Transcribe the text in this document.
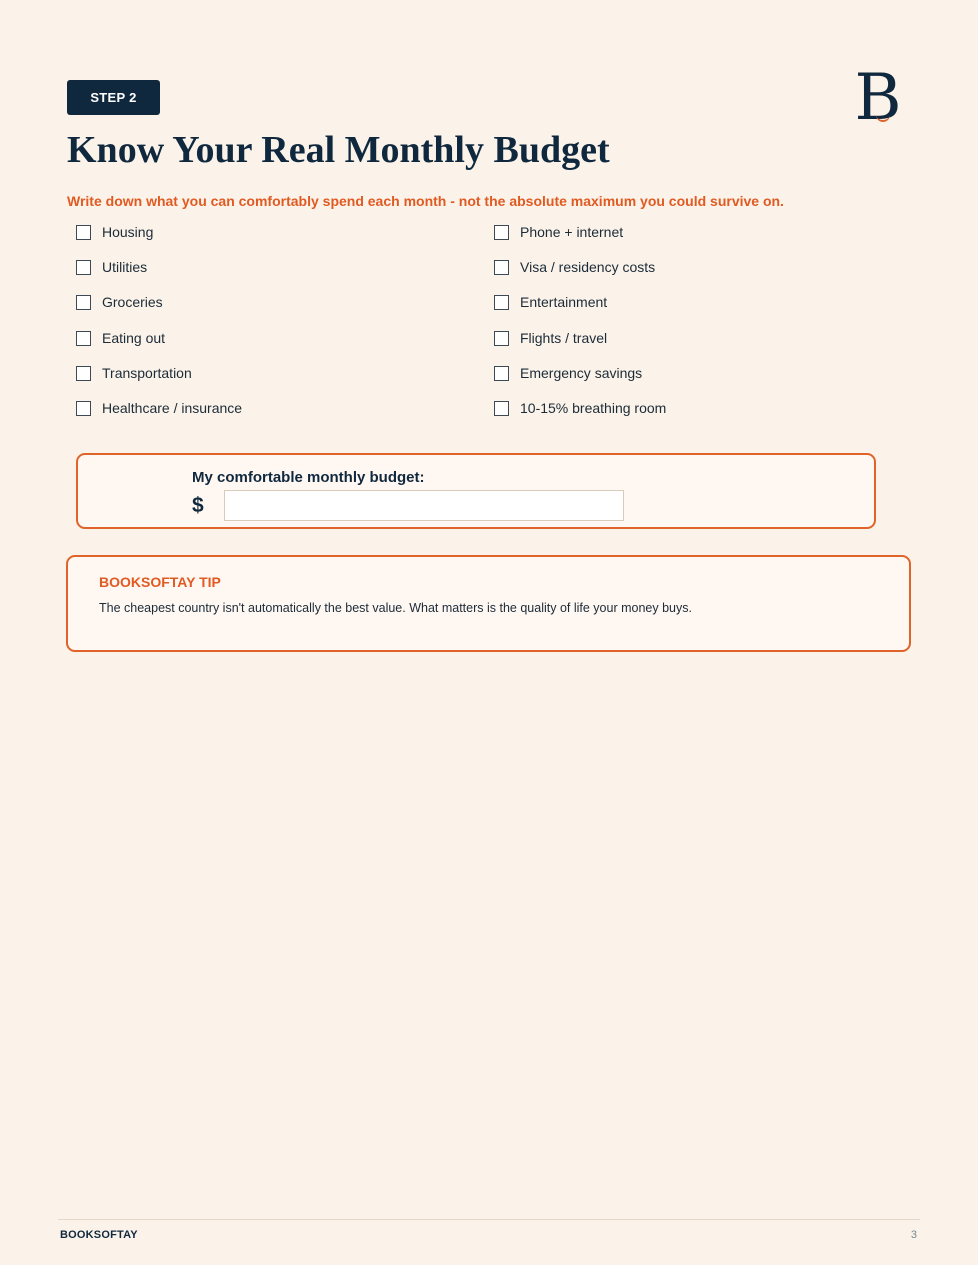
STEP 2	B
Know Your Real Monthly Budget
Write down what you can comfortably spend each month - not the absolute maximum you could survive on.
Housing
Utilities
Groceries
Eating out
Transportation
Healthcare / insurance
Phone + internet
Visa / residency costs
Entertainment
Flights / travel
Emergency savings
10-15% breathing room
My comfortable monthly budget:
$
BOOKSOFTAY TIP
The cheapest country isn't automatically the best value. What matters is the quality of life your money buys.
BOOKSOFTAY	3
